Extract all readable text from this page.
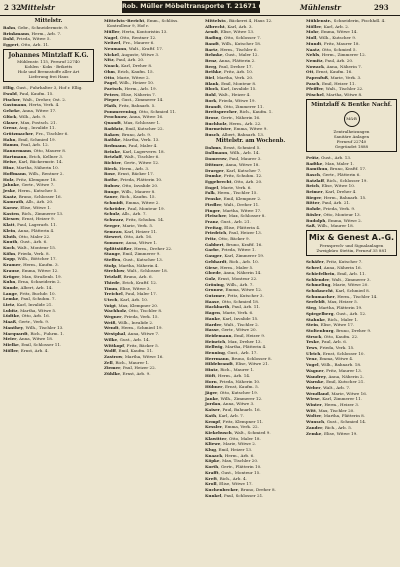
2 32
Mittelstr	Rob. Müller Möbeltransporte T. 21671 u. 74	Mühlenstr	293
Mittelstr.
Bahn, Gebr., Schneidermstr. 9.
Brinkmann, Herm., Arb. 7.
Dahl, Frieda, Witwe 5.
Eggert, Otto, Arb. 11.
Johannes Mintzlaff K.G.
Mühlenstr. 115, Fernruf 22740
Kohlen · Koks · Briketts
Holz und Brennstoffe aller Art
Lieferung frei Haus
Ellig, Gust., Fuhrhalter 3, Hof r. Ellig.
Ewald, Paul, Kaufm. 15.
Fischer, Walt., Dreher, Ost. 2.
Gastmann, Herta, Verk. 4.
Gehrke, Anna, Witwe 17.
Glück, Wilh., Arb. 9.
Glaser, Max, Postsch. 21.
Grenz, Aug., Invalide 11.
Grützmacher, Frz., Tischler 6.
Hahn, Emil, Schmied 19.
Hamm, Paul, Arb. 12.
Hannemann, Otto, Maurer 8.
Hartmann, Erich, Kellner 3.
Heise, Karl, Bäckermstr. 14.
Hinz, Martha, Näherin 10.
Hoffmann, Wilh., Rentner 2.
Holz, Fritz, Klempner 18.
Jahnke, Gertr., Witwe 7.
Jeske, Herm., Kutscher 5.
Kaatz, Bruno, Schlosser 16.
Kamrath, Alb., Arb. 20.
Karow, Elise, Witwe 1.
Kasten, Rich., Zimmerer 13.
Kiesow, Ernst, Heizer 9.
Klatt, Paul, Lagerarb. 11.
Klein, Anna, Plätterin 4.
Kluth, Otto, Maler 22.
Knuth, Gust., Arb. 6.
Koch, Walt., Monteur 15.
Köhn, Frieda, Verk. 8.
Kopp, Wilh., Böttcher 17.
Kramer, Herm., Kaufm. 3.
Krause, Emma, Witwe 12.
Krüger, Max, Straßenb. 19.
Kuhn, Erna, Schneiderin 2.
Kunde, Albert, Arb. 14.
Lange, Fritz, Buchdr. 10.
Lemke, Paul, Schuhm. 7.
Lietz, Karl, Invalide 21.
Lubitz, Martha, Witwe 5.
Lüdtke, Otto, Arb. 16.
Maaß, Gertr., Verk. 9.
Manthey, Wilh., Tischler 13.
Marquardt, Rich., Fuhrm. 1.
Meier, Anna, Witwe 18.
Mielke, Emil, Schlosser 11.
Möller, Ernst, Arb. 4.
Mittelstr.-Bericht, Emm., Schlöss. Kontrolleur 9, Hof r.
Müller, Herta, Kontoristin 13.
Nagel, Otto, Rentner 12.
Neitzel, Frz., Maurer 6.
Neumann, Walt., Kraftf. 17.
Nickel, Auguste, Witwe 3.
Nitz, Paul, Arb. 20.
Noack, Karl, Dreher 8.
Ohm, Erich, Kaufm. 15.
Otto, Marie, Witwe 2.
Pagel, Wilh., Heizer 10.
Paetsch, Herm., Arb. 19.
Peters, Elise, Näherin 7.
Pieper, Gust., Zimmerer 14.
Plath, Fritz, Bahnarb. 5.
Pommerening, Otto, Schmied 11.
Prochnow, Anna, Witwe 16.
Quandt, Max, Schlosser 1.
Raddatz, Emil, Kutscher 22.
Rakow, Bruno, Arb. 9.
Rathke, Martha, Verk. 13.
Redmann, Paul, Maler 4.
Reinke, Karl, Lagerverw. 18.
Retzlaff, Walt., Tischler 6.
Richter, Gertr., Witwe 12.
Rieck, Herm., Arb. 3.
Rose, Ernst, Bäcker 17.
Rothe, Frieda, Plätterin 10.
Rubow, Otto, Invalide 20.
Runge, Wilh., Maurer 8.
Sauer, Rich., Kaufm. 15.
Schmidt, Emma, Witwe 2.
Schröder, Paul, Monteur 19.
Schulz, Alb., Arb. 7.
Schwarz, Fritz, Schuhm. 14.
Seeger, Marie, Verk. 5.
Semrau, Karl, Heizer 11.
Siewert, Otto, Arb. 16.
Sommer, Anna, Witwe 1.
Splittstößer, Herm., Dreher 22.
Stange, Emil, Zimmerer 9.
Steffen, Gust., Kutscher 13.
Stolp, Martha, Näherin 4.
Strehlow, Walt., Schlosser 18.
Tetzlaff, Bruno, Arb. 6.
Thiede, Erich, Kraftf. 12.
Timm, Elise, Witwe 3.
Treichel, Paul, Maler 17.
Utech, Karl, Arb. 10.
Voigt, Max, Klempner 20.
Wachholz, Otto, Tischler 8.
Wegner, Frieda, Verk. 15.
Weiß, Wilh., Invalide 2.
Wendt, Herm., Schmied 19.
Westphal, Anna, Witwe 7.
Wilke, Gust., Arb. 14.
Wittkopf, Fritz, Bäcker 5.
Wolff, Emil, Kaufm. 11.
Zastrow, Martha, Witwe 16.
Zell, Rich., Maurer 1.
Ziemer, Paul, Heizer 22.
Zühlke, Ernst, Arb. 9.
Mittelstr., Bäckerei 4, Haus 12.
Albrecht, Karl, Arb. 3.
Arndt, Elise, Witwe 13.
Bading, Otto, Schlosser 7.
Bandt, Wilh., Kutscher 18.
Bartz, Herm., Tischler 6.
Behnke, Gust., Maler 12.
Benz, Anna, Plätterin 2.
Berg, Paul, Dreher 17.
Bethke, Fritz, Arb. 10.
Biel, Martha, Verk. 20.
Blank, Emil, Monteur 8.
Block, Karl, Invalide 15.
Bohl, Walt., Heizer 4.
Bork, Frieda, Witwe 19.
Brandt, Otto, Zimmerer 11.
Breitsprecher, Rich., Kaufm. 1.
Brose, Gertr., Näherin 16.
Buchholz, Herm., Arb. 22.
Burmeister, Emma, Witwe 9.
Busch, Albert, Bahnarb. 13.
Mittelstr. am Wochenb.
Dahms, Ernst, Schmied 5.
Dallmann, Wilh., Arb. 14.
Damerow, Paul, Maurer 3.
Dittmer, Anna, Witwe 18.
Draeger, Karl, Kutscher 7.
Dumke, Fritz, Schuhm. 12.
Eggebrecht, Otto, Arb. 20.
Engel, Marie, Verk. 6.
Falk, Herm., Tischler 15.
Fenske, Emil, Klempner 2.
Fiedler, Walt., Dreher 11.
Finger, Martha, Witwe 17.
Fleischer, Max, Schlosser 8.
Franz, Gust., Arb. 21.
Freitag, Elise, Plätterin 4.
Friedrich, Paul, Heizer 13.
Fritz, Otto, Bäcker 9.
Gabbert, Bruno, Kraftf. 16.
Garbe, Frieda, Witwe 1.
Gauger, Karl, Zimmerer 19.
Gebhardt, Rich., Arb. 10.
Giese, Herm., Maler 5.
Gloede, Anna, Näherin 14.
Golz, Ernst, Monteur 22.
Gröning, Wilh., Arb. 7.
Grunow, Emma, Witwe 12.
Gutzmer, Fritz, Kutscher 3.
Haase, Otto, Schmied 18.
Hackbarth, Paul, Arb. 11.
Hagen, Marie, Verk. 6.
Hanke, Karl, Invalide 15.
Harder, Walt., Tischler 2.
Hasse, Gertr., Witwe 20.
Heidemann, Emil, Heizer 9.
Heinrich, Max, Dreher 13.
Hellwig, Martha, Plätterin 4.
Henning, Gust., Arb. 17.
Herrmann, Bruno, Schlosser 8.
Hildebrandt, Elise, Witwe 21.
Hintz, Rich., Maurer 1.
Höft, Herm., Arb. 14.
Horn, Frieda, Näherin 10.
Hübner, Ernst, Kaufm. 5.
Jäger, Otto, Kutscher 19.
Janke, Wilh., Zimmerer 12.
Jordan, Anna, Witwe 3.
Kaiser, Paul, Bahnarb. 16.
Kath, Karl, Arb. 7.
Kempf, Fritz, Klempner 11.
Kessler, Emma, Verk. 22.
Kiekebusch, Walt., Schmied 9.
Klawitter, Otto, Maler 18.
Kliewe, Marie, Witwe 2.
Klug, Emil, Heizer 13.
Knaack, Herm., Arb. 6.
Köpke, Max, Tischler 20.
Korth, Gertr., Plätterin 10.
Krafft, Gust., Monteur 15.
Kreft, Rich., Arb. 4.
Kroll, Elise, Witwe 17.
Kuchenbecker, Bruno, Dreher 8.
Kunkel, Paul, Schlosser 21.
Mühlenstr., Schneiderin, Fischhdl. 4.
Möller, Karl, Arb. 2.
Mohr, Emma, Witwe 14.
Moll, Wilh., Kutscher 9.
Mundt, Fritz, Maurer 18.
Naatz, Otto, Schmied 5.
Nehls, Herm., Zimmerer 12.
Nemitz, Paul, Arb. 20.
Nowack, Anna, Näherin 7.
Ott, Ernst, Kaufm. 16.
Papenfuß, Marie, Verk. 3.
Pasch, Emil, Heizer 11.
Pfeiffer, Walt., Tischler 22.
Pöschel, Martha, Witwe 8.
Mintzlaff & Bentke Nachf.
M&B
Zentralheizungen
Sanitäre Anlagen
Fernruf 22740
Gegründet 1888
Prütz, Gust., Arb. 13.
Radtke, Max, Maler 1.
Ramthun, Bruno, Kraftf. 17.
Rasch, Gertr., Plätterin 6.
Ratzlaff, Rich., Schlosser 19.
Reich, Elise, Witwe 10.
Reimer, Karl, Dreher 4.
Rieger, Herm., Bahnarb. 15.
Ritter, Paul, Arb. 21.
Rohde, Frieda, Verk. 9.
Rösler, Otto, Monteur 13.
Rudolph, Emma, Witwe 2.
Saß, Wilh., Maurer 18.
Mix & Genest A.-G.
Fernsprech- und Signalanlagen
Zweigbüro Stettin, Fernruf 35 881
Schäfer, Fritz, Kutscher 7.
Scheel, Anna, Näherin 16.
Schiefelbein, Emil, Arb. 11.
Schlender, Walt., Zimmerer 3.
Schmeling, Marie, Witwe 20.
Schoknecht, Karl, Schmied 8.
Schumacher, Herm., Tischler 14.
Seefeldt, Max, Heizer 5.
Sieg, Martha, Plätterin 19.
Spiegelberg, Gust., Arb. 12.
Stahnke, Rich., Maler 1.
Stein, Elise, Witwe 17.
Stoltenburg, Bruno, Dreher 9.
Struck, Otto, Kaufm. 22.
Teske, Paul, Arb. 6.
Tews, Frieda, Verk. 15.
Ulrich, Ernst, Schlosser 10.
Venz, Emma, Witwe 4.
Vogel, Wilh., Bahnarb. 18.
Wagner, Fritz, Maurer 13.
Wandrey, Anna, Näherin 2.
Warnke, Emil, Kutscher 21.
Weber, Walt., Arb. 7.
Wendland, Marie, Witwe 16.
Wiese, Karl, Zimmerer 11.
Winter, Herm., Heizer 3.
Witt, Max, Tischler 20.
Wolter, Martha, Plätterin 8.
Wunsch, Gust., Schmied 14.
Zander, Rich., Arb. 5.
Zemke, Elise, Witwe 19.
